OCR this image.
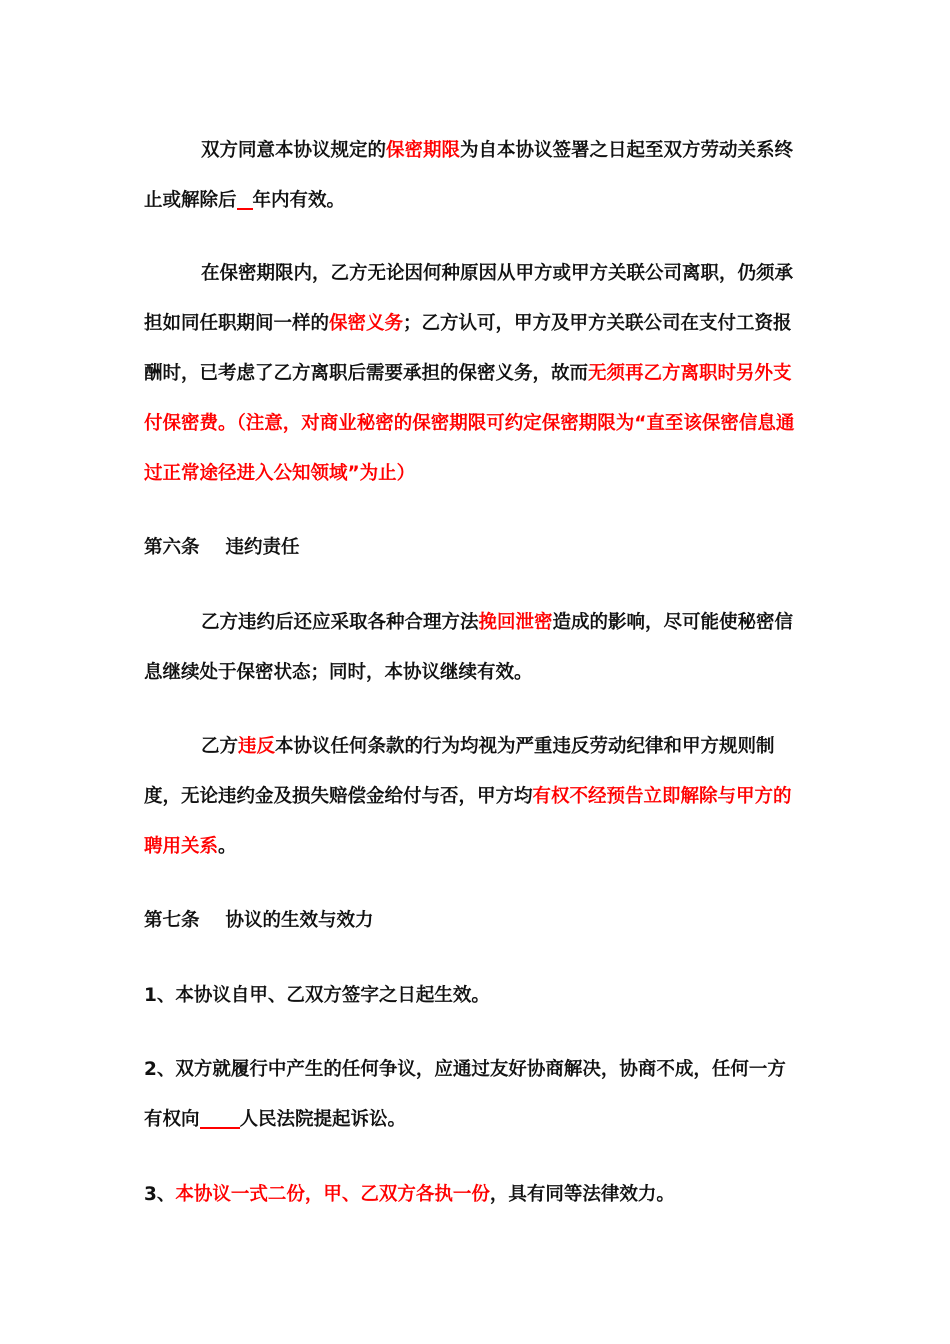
双方同意本协议规定的保密期限为自本协议签署之日起至双方劳动关系终止或解除后 年内有效。

在保密期限内，乙方无论因何种原因从甲方或甲方关联公司离职，仍须承担如同任职期间一样的保密义务；乙方认可，甲方及甲方关联公司在支付工资报酬时，已考虑了乙方离职后需要承担的保密义务，故而无须再乙方离职时另外支付保密费。（注意，对商业秘密的保密期限可约定保密期限为“直至该保密信息通过正常途径进入公知领域”为止）

第六条 违约责任

乙方违约后还应采取各种合理方法挽回泄密造成的影响，尽可能使秘密信息继续处于保密状态；同时，本协议继续有效。

乙方违反本协议任何条款的行为均视为严重违反劳动纪律和甲方规则制度，无论违约金及损失赔偿金给付与否，甲方均有权不经预告立即解除与甲方的聘用关系。

第七条 协议的生效与效力

1、本协议自甲、乙双方签字之日起生效。

2、双方就履行中产生的任何争议，应通过友好协商解决，协商不成，任何一方有权向 人民法院提起诉讼。

3、本协议一式二份，甲、乙双方各执一份，具有同等法律效力。
